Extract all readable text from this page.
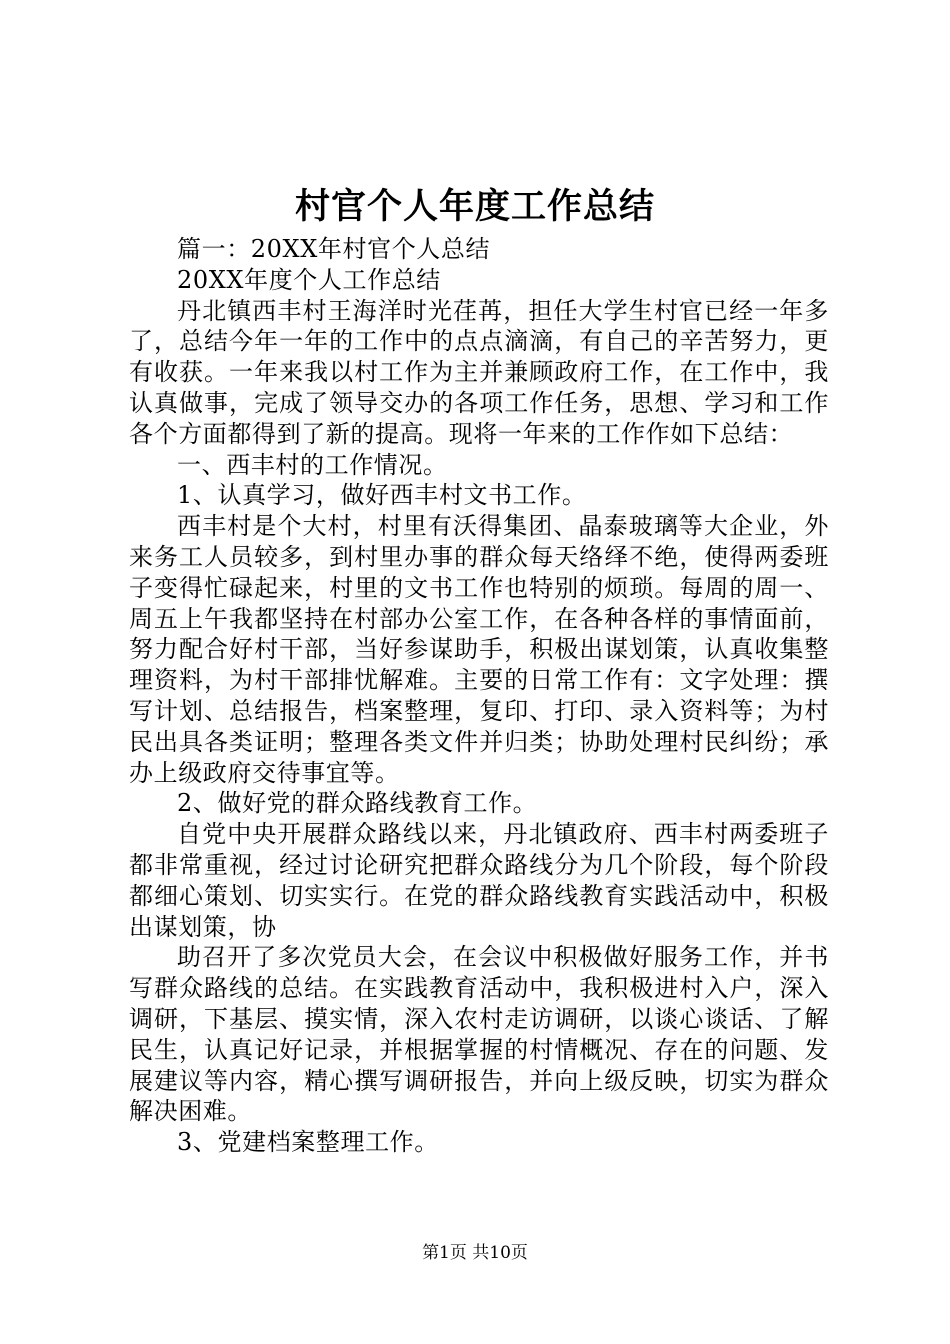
村官个人年度工作总结

篇一：20XX年村官个人总结

20XX年度个人工作总结

丹北镇西丰村王海洋时光荏苒，担任大学生村官已经一年多了，总结今年一年的工作中的点点滴滴，有自己的辛苦努力，更有收获。一年来我以村工作为主并兼顾政府工作，在工作中，我认真做事，完成了领导交办的各项工作任务，思想、学习和工作各个方面都得到了新的提高。现将一年来的工作作如下总结：

一、西丰村的工作情况。

1、认真学习，做好西丰村文书工作。

西丰村是个大村，村里有沃得集团、晶泰玻璃等大企业，外来务工人员较多，到村里办事的群众每天络绎不绝，使得两委班子变得忙碌起来，村里的文书工作也特别的烦琐。每周的周一、周五上午我都坚持在村部办公室工作，在各种各样的事情面前，努力配合好村干部，当好参谋助手，积极出谋划策，认真收集整理资料，为村干部排忧解难。主要的日常工作有：文字处理：撰写计划、总结报告，档案整理，复印、打印、录入资料等；为村民出具各类证明；整理各类文件并归类；协助处理村民纠纷；承办上级政府交待事宜等。

2、做好党的群众路线教育工作。

自党中央开展群众路线以来，丹北镇政府、西丰村两委班子都非常重视，经过讨论研究把群众路线分为几个阶段，每个阶段都细心策划、切实实行。在党的群众路线教育实践活动中，积极出谋划策，协

助召开了多次党员大会，在会议中积极做好服务工作，并书写群众路线的总结。在实践教育活动中，我积极进村入户，深入调研，下基层、摸实情，深入农村走访调研，以谈心谈话、了解民生，认真记好记录，并根据掌握的村情概况、存在的问题、发展建议等内容，精心撰写调研报告，并向上级反映，切实为群众解决困难。

3、党建档案整理工作。

第1页 共10页
